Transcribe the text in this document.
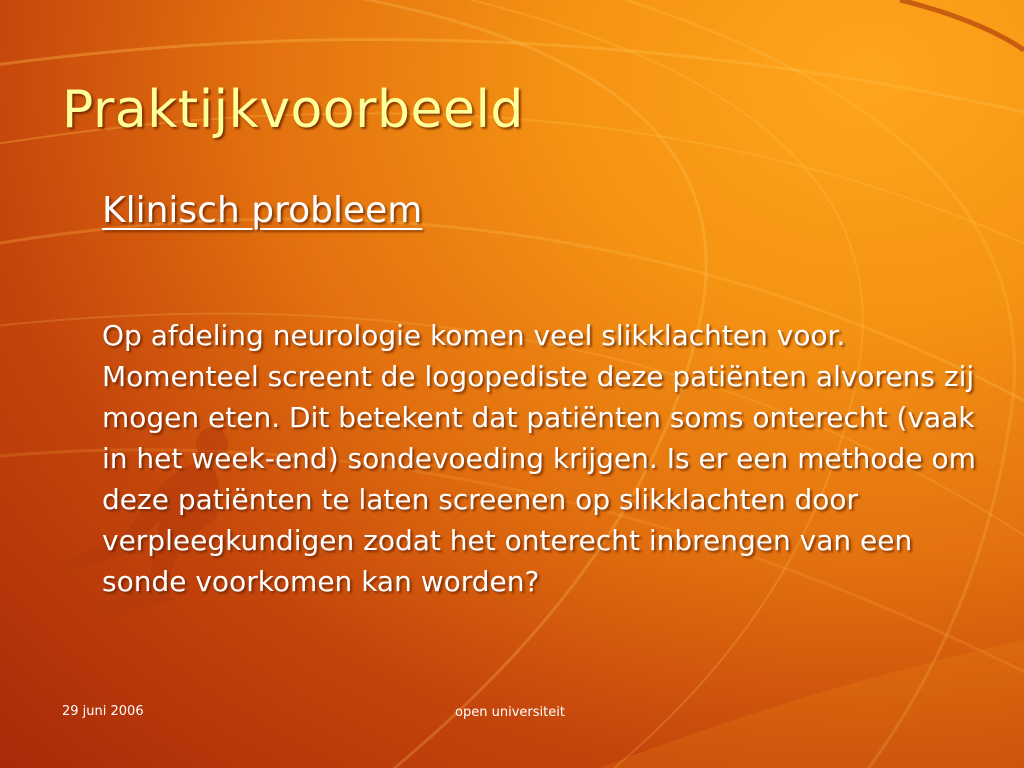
Praktijkvoorbeeld
Klinisch probleem
Op afdeling neurologie komen veel slikklachten voor. Momenteel screent de logopediste deze patiënten alvorens zij mogen eten. Dit betekent dat patiënten soms onterecht (vaak in het week-end) sondevoeding krijgen. Is er een methode om deze patiënten te laten screenen op slikklachten door verpleegkundigen zodat het onterecht inbrengen van een sonde voorkomen kan worden?
29 juni 2006	open universiteit
